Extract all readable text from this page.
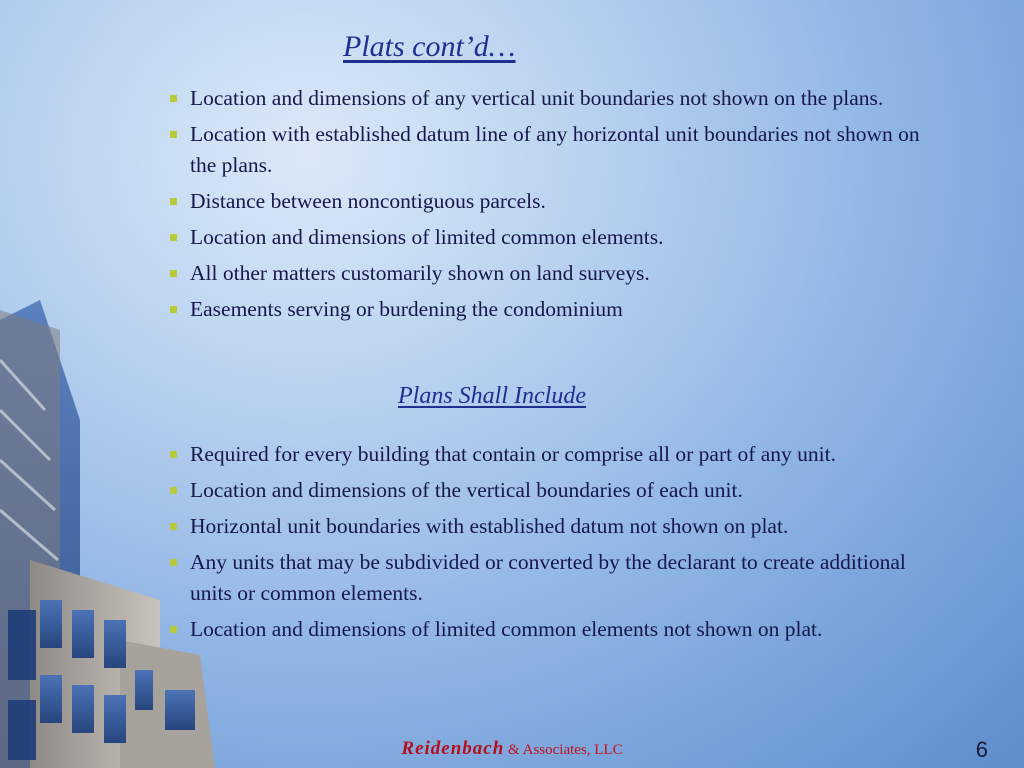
Plats cont’d…
Location and dimensions of any vertical unit boundaries not shown on the plans.
Location with established datum line of any horizontal unit boundaries not shown on the plans.
Distance between noncontiguous parcels.
Location and dimensions of limited common elements.
All other matters customarily shown on land surveys.
Easements serving or burdening the condominium
Plans Shall Include
Required for every building that contain or comprise all or part of any unit.
Location and dimensions of the vertical boundaries of each unit.
Horizontal unit boundaries with established datum not shown on plat.
Any units that may be subdivided or converted by the declarant to create additional units or common elements.
Location and dimensions of limited common elements not shown on plat.
Reidenbach & Associates, LLC	6
